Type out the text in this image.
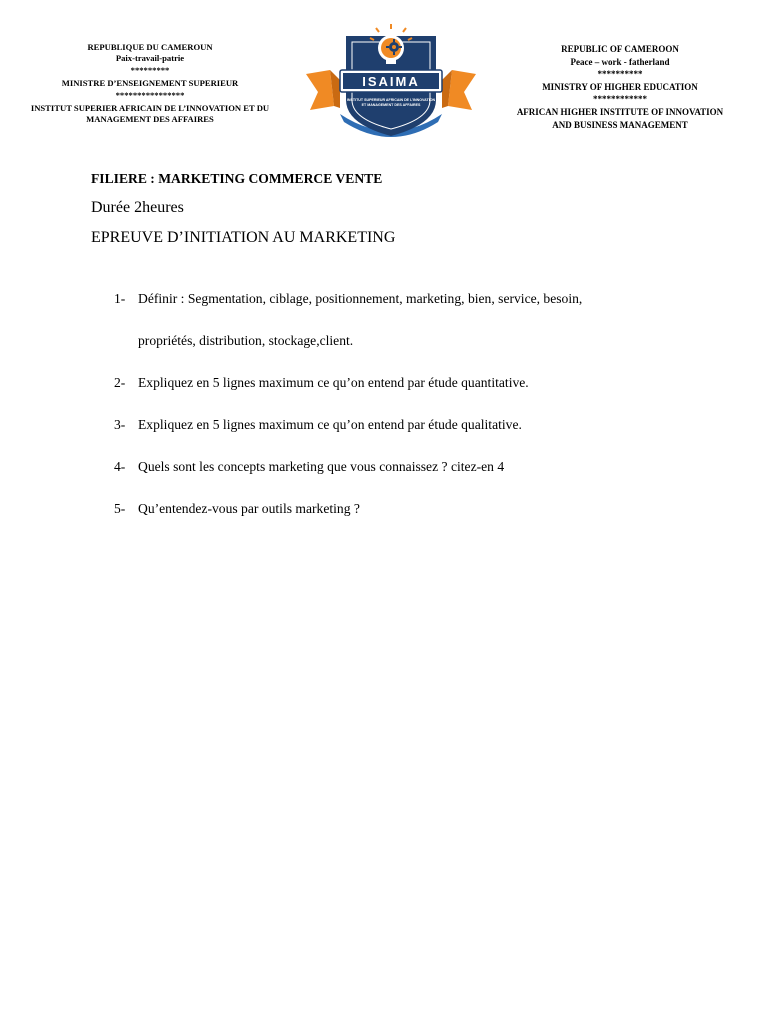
REPUBLIQUE DU CAMEROUN
Paix-travail-patrie
*********
MINISTRE D’ENSEIGNEMENT SUPERIEUR
****************
INSTITUT SUPERIER AFRICAIN DE L’INNOVATION ET DU
MANAGEMENT DES AFFAIRES
ISAIMA
INSTITUT SUPERIEUR AFRICAIN DE L’INNOVATION
ET MANAGEMENT DES AFFAIRES
REPUBLIC OF CAMEROON
Peace – work - fatherland
**********
MINISTRY OF HIGHER EDUCATION
************
AFRICAN HIGHER INSTITUTE OF INNOVATION
AND BUSINESS MANAGEMENT
FILIERE : MARKETING COMMERCE VENTE
Durée 2heures
EPREUVE D’INITIATION AU MARKETING
1- Définir : Segmentation, ciblage, positionnement, marketing, bien, service, besoin,
propriétés, distribution, stockage,client.
2- Expliquez en 5 lignes maximum ce qu’on entend par étude quantitative.
3- Expliquez en 5 lignes maximum ce qu’on entend par étude qualitative.
4- Quels sont les concepts marketing que vous connaissez ? citez-en 4
5- Qu’entendez-vous par outils marketing ?
